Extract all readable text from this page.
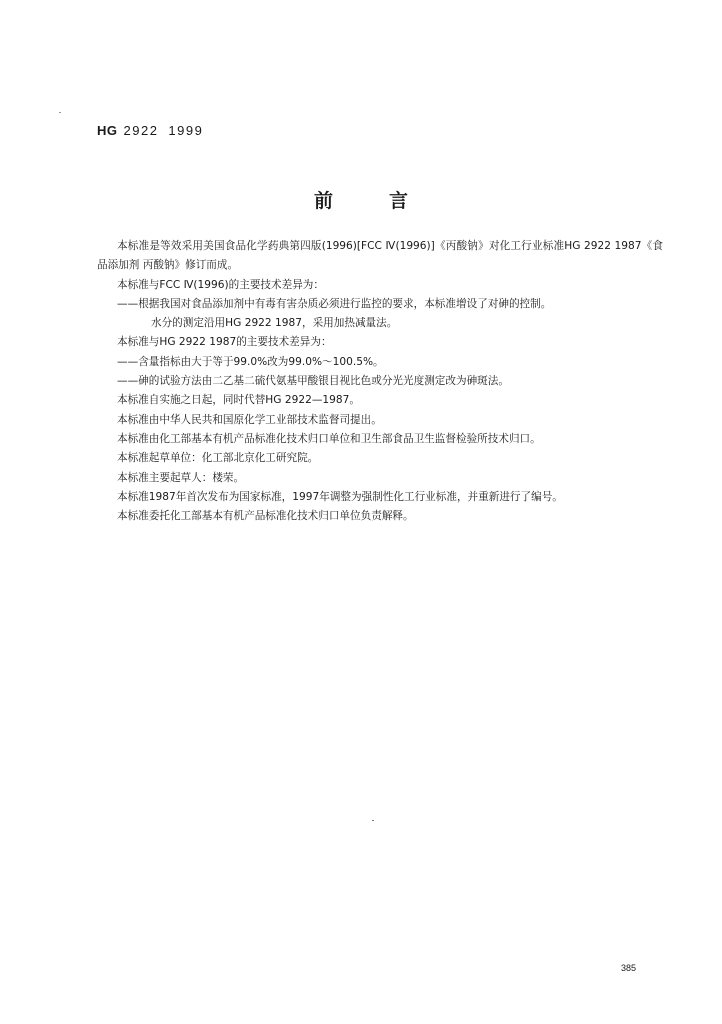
HG 2922 1999
前	言

本标准是等效采用美国食品化学药典第四版(1996)[FCC Ⅳ(1996)]《丙酸钠》对化工行业标准HG 2922 1987《食品添加剂 丙酸钠》修订而成。

本标准与FCC Ⅳ(1996)的主要技术差异为：

——根据我国对食品添加剂中有毒有害杂质必须进行监控的要求，本标准增设了对砷的控制。

水分的测定沿用HG 2922 1987，采用加热减量法。

本标准与HG 2922 1987的主要技术差异为：

——含量指标由大于等于99.0%改为99.0%～100.5%。

——砷的试验方法由二乙基二硫代氨基甲酸银目视比色或分光光度测定改为砷斑法。

本标准自实施之日起，同时代替HG 2922—1987。

本标准由中华人民共和国原化学工业部技术监督司提出。

本标准由化工部基本有机产品标准化技术归口单位和卫生部食品卫生监督检验所技术归口。

本标准起草单位：化工部北京化工研究院。

本标准主要起草人：楼荣。

本标准1987年首次发布为国家标准，1997年调整为强制性化工行业标准，并重新进行了编号。

本标准委托化工部基本有机产品标准化技术归口单位负责解释。

385
